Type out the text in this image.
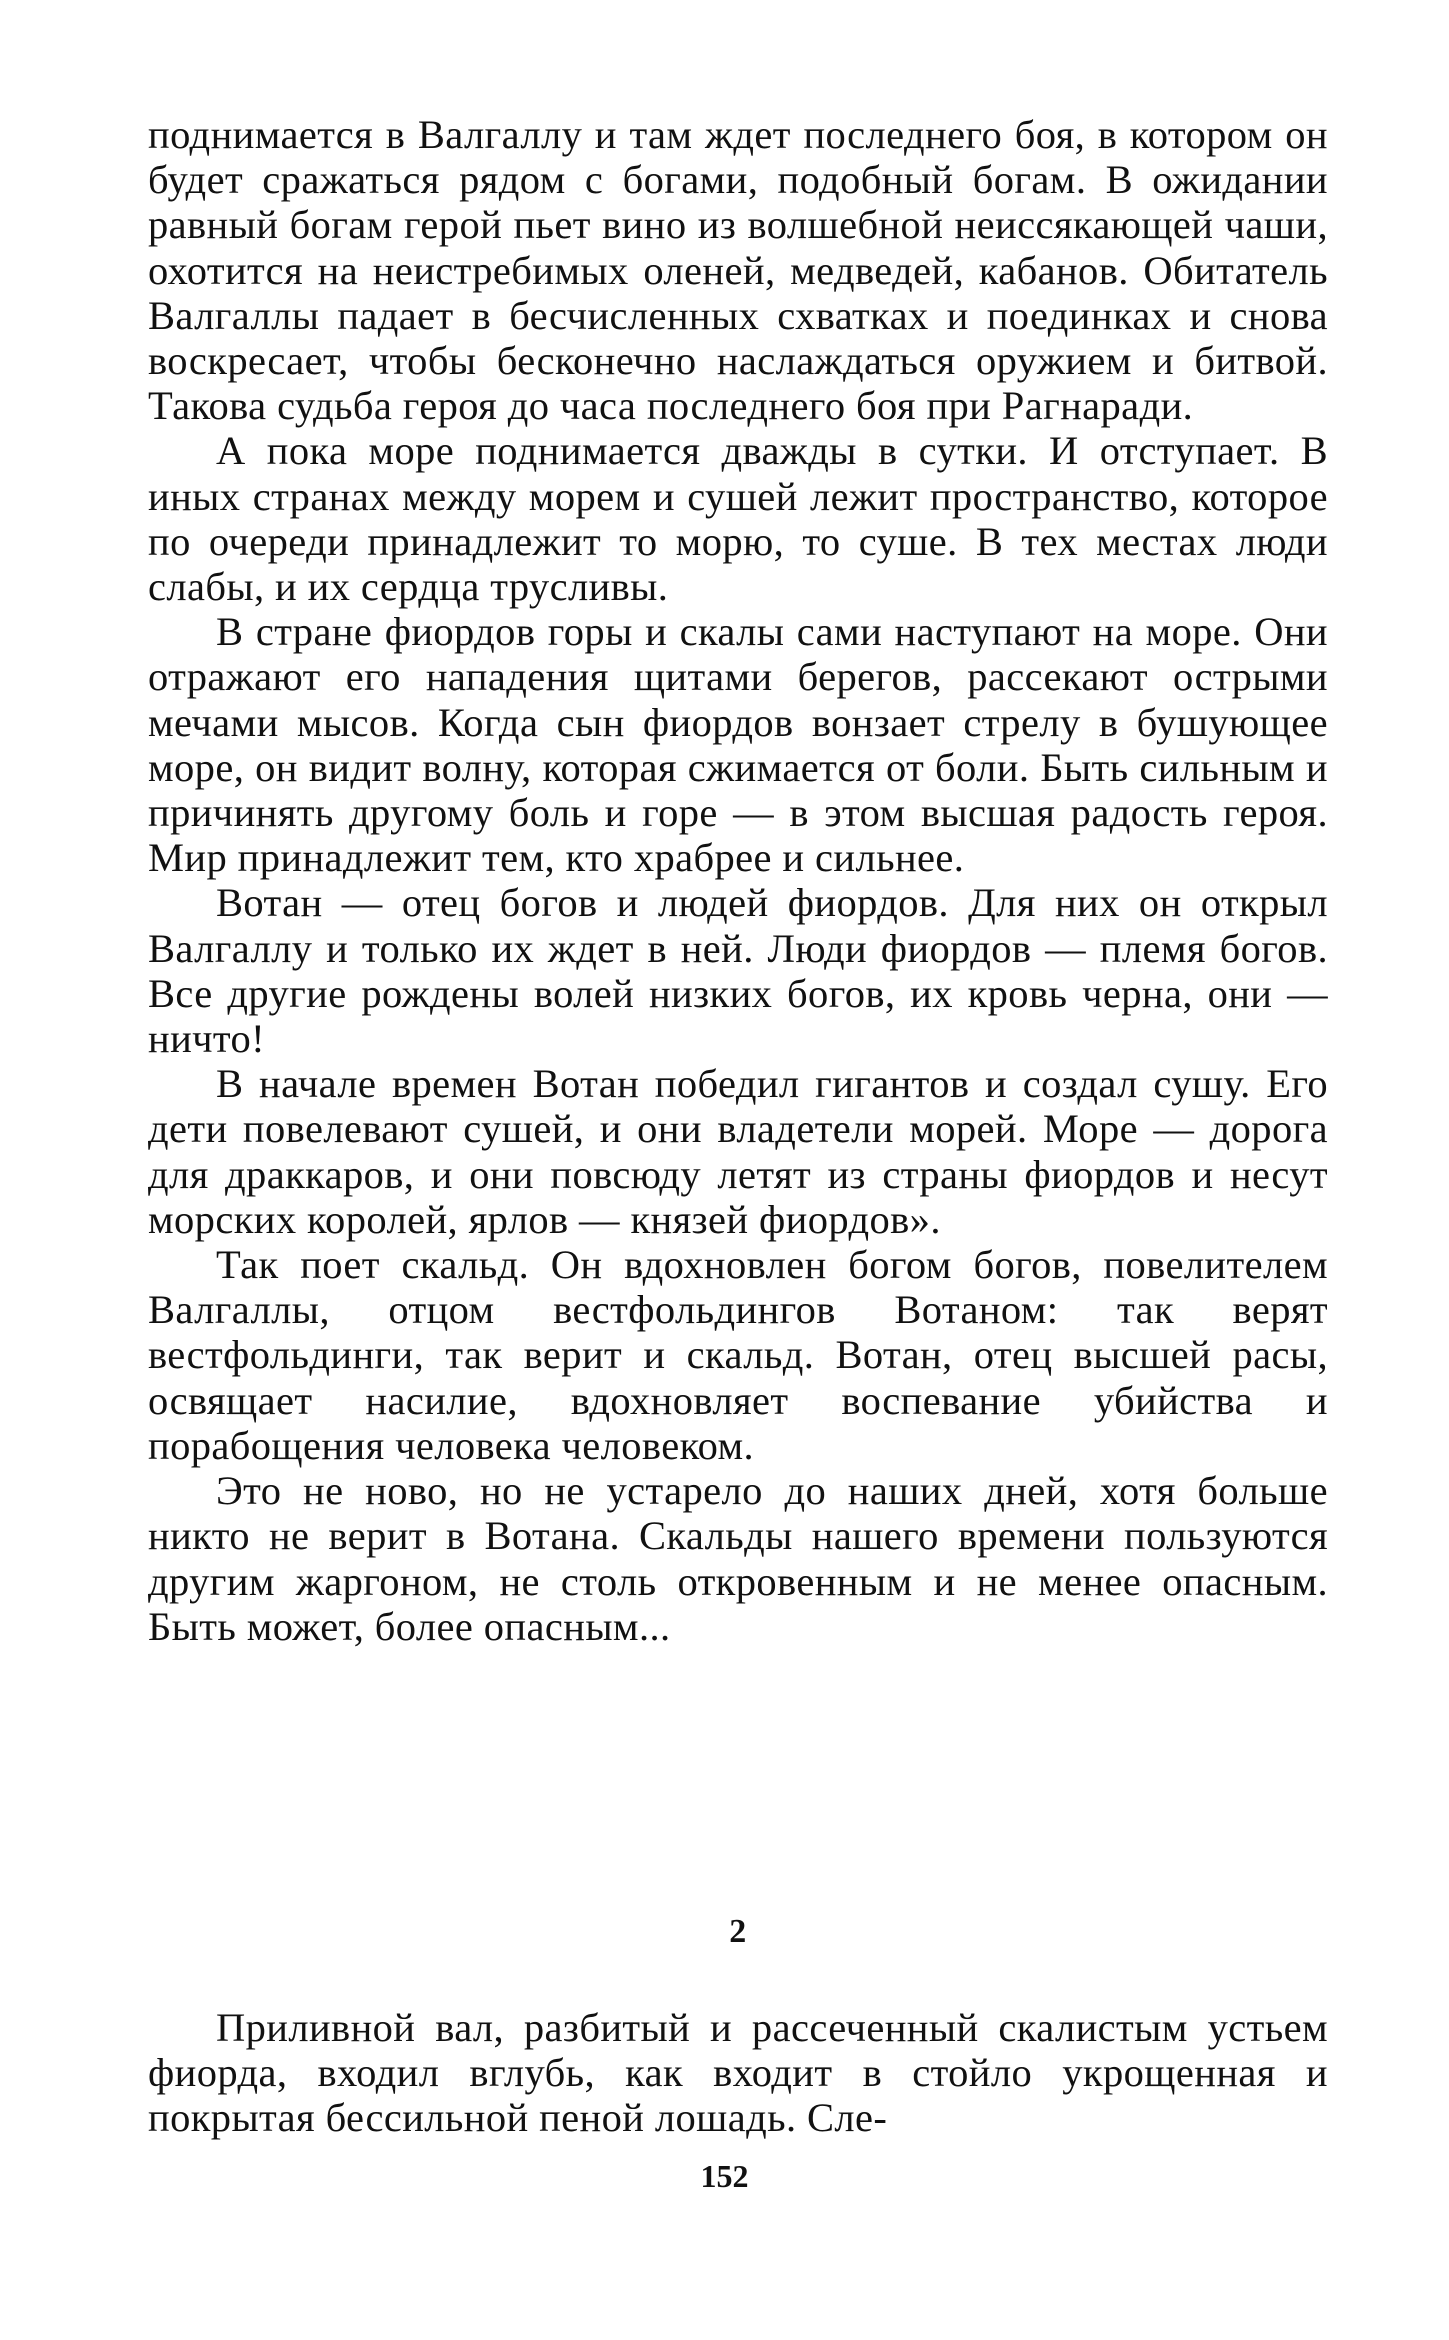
поднимается в Валгаллу и там ждет последнего боя, в котором он будет сражаться рядом с богами, подобный богам. В ожидании равный богам герой пьет вино из волшебной неиссякающей чаши, охотится на неистребимых оленей, медведей, кабанов. Обитатель Валгаллы падает в бесчисленных схватках и поединках и снова воскресает, чтобы бесконечно наслаждаться оружием и битвой. Такова судьба героя до часа последнего боя при Рагнаради.

А пока море поднимается дважды в сутки. И отступает. В иных странах между морем и сушей лежит пространство, которое по очереди принадлежит то морю, то суше. В тех местах люди слабы, и их сердца трусливы.

В стране фиордов горы и скалы сами наступают на море. Они отражают его нападения щитами берегов, рассекают острыми мечами мысов. Когда сын фиордов вонзает стрелу в бушующее море, он видит волну, которая сжимается от боли. Быть сильным и причинять другому боль и горе — в этом высшая радость героя. Мир принадлежит тем, кто храбрее и сильнее.

Вотан — отец богов и людей фиордов. Для них он открыл Валгаллу и только их ждет в ней. Люди фиордов — племя богов. Все другие рождены волей низких богов, их кровь черна, они — ничто!

В начале времен Вотан победил гигантов и создал сушу. Его дети повелевают сушей, и они владетели морей. Море — дорога для драккаров, и они повсюду летят из страны фиордов и несут морских королей, ярлов — князей фиордов».

Так поет скальд. Он вдохновлен богом богов, повелителем Валгаллы, отцом вестфольдингов Вотаном: так верят вестфольдинги, так верит и скальд. Вотан, отец высшей расы, освящает насилие, вдохновляет воспевание убийства и порабощения человека человеком.

Это не ново, но не устарело до наших дней, хотя больше никто не верит в Вотана. Скальды нашего времени пользуются другим жаргоном, не столь откровенным и не менее опасным. Быть может, более опасным...

2

Приливной вал, разбитый и рассеченный скалистым устьем фиорда, входил вглубь, как входит в стойло укрощенная и покрытая бессильной пеной лошадь. Сле-

152
